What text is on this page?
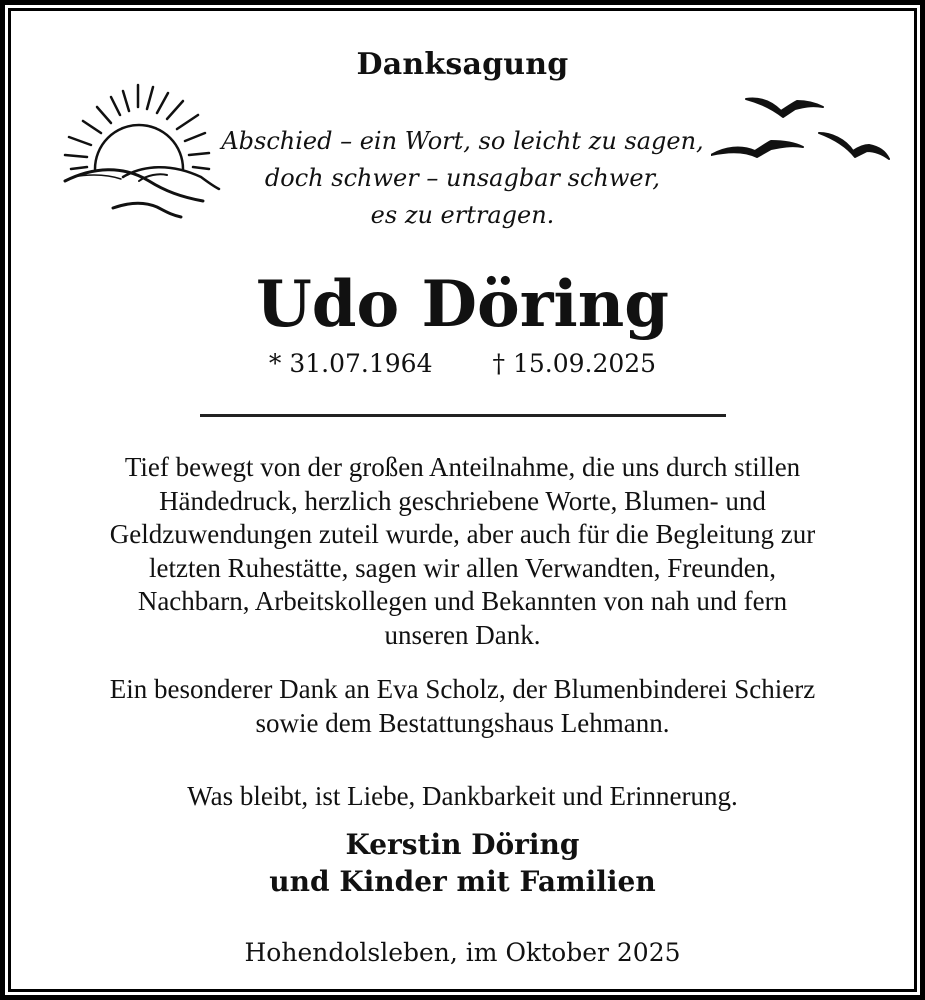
Danksagung
Abschied – ein Wort, so leicht zu sagen,
doch schwer – unsagbar schwer,
es zu ertragen.
Udo Döring
* 31.07.1964 † 15.09.2025
Tief bewegt von der großen Anteilnahme, die uns durch stillen
Händedruck, herzlich geschriebene Worte, Blumen- und
Geldzuwendungen zuteil wurde, aber auch für die Begleitung zur
letzten Ruhestätte, sagen wir allen Verwandten, Freunden,
Nachbarn, Arbeitskollegen und Bekannten von nah und fern
unseren Dank.
Ein besonderer Dank an Eva Scholz, der Blumenbinderei Schierz
sowie dem Bestattungshaus Lehmann.
Was bleibt, ist Liebe, Dankbarkeit und Erinnerung.
Kerstin Döring
und Kinder mit Familien
Hohendolsleben, im Oktober 2025
